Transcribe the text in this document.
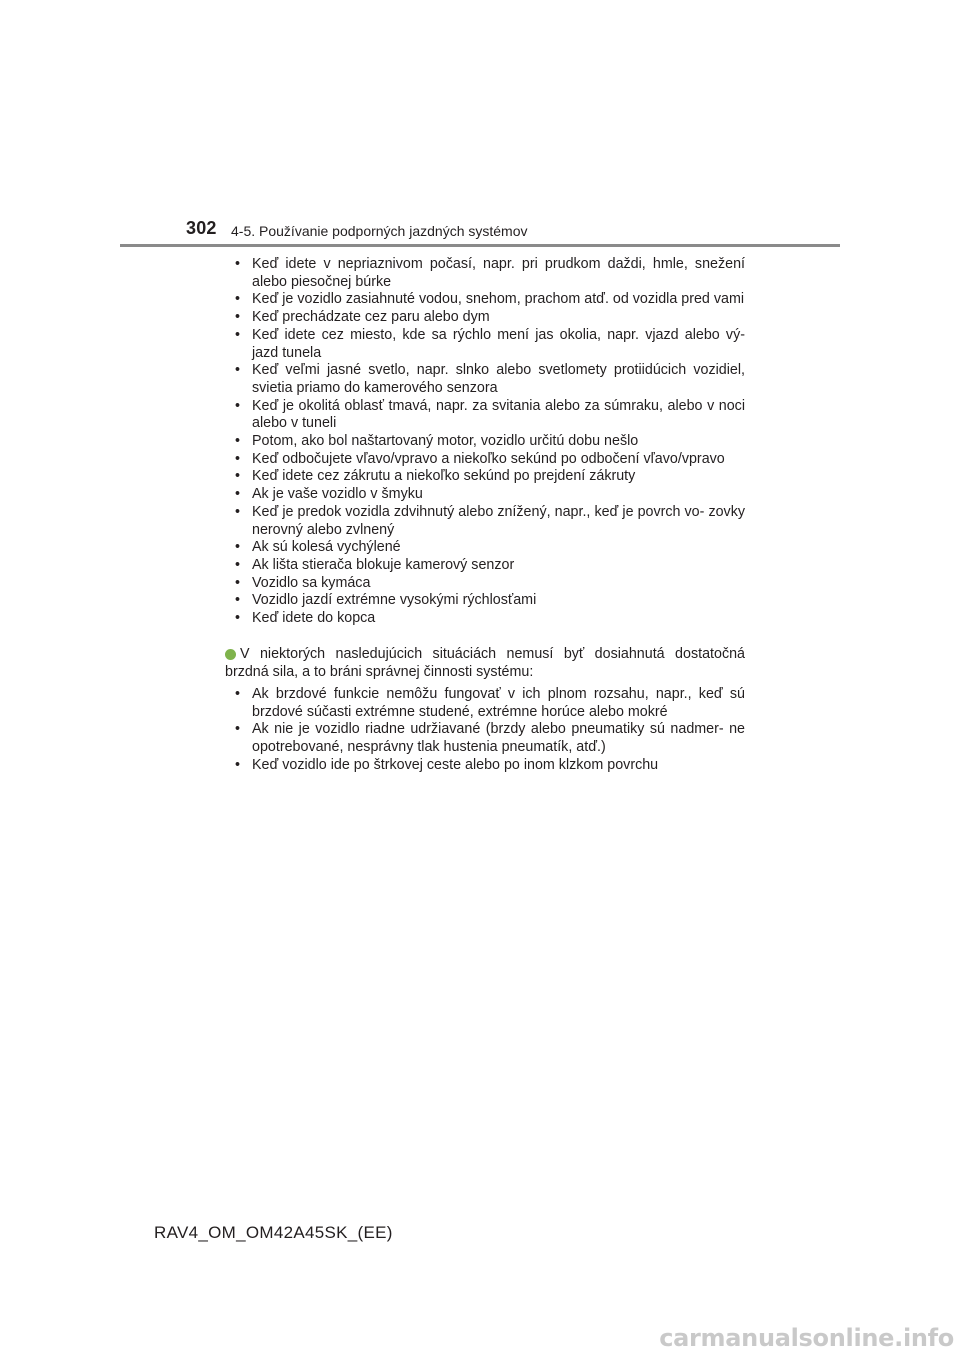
302 4-5. Používanie podporných jazdných systémov
• Keď idete v nepriaznivom počasí, napr. pri prudkom daždi, hmle, snežení alebo piesočnej búrke
• Keď je vozidlo zasiahnuté vodou, snehom, prachom atď. od vozidla pred vami
• Keď prechádzate cez paru alebo dym
• Keď idete cez miesto, kde sa rýchlo mení jas okolia, napr. vjazd alebo vý- jazd tunela
• Keď veľmi jasné svetlo, napr. slnko alebo svetlomety protiidúcich vozidiel, svietia priamo do kamerového senzora
• Keď je okolitá oblasť tmavá, napr. za svitania alebo za súmraku, alebo v noci alebo v tuneli
• Potom, ako bol naštartovaný motor, vozidlo určitú dobu nešlo
• Keď odbočujete vľavo/vpravo a niekoľko sekúnd po odbočení vľavo/vpravo
• Keď idete cez zákrutu a niekoľko sekúnd po prejdení zákruty
• Ak je vaše vozidlo v šmyku
• Keď je predok vozidla zdvihnutý alebo znížený, napr., keď je povrch vo- zovky nerovný alebo zvlnený
• Ak sú kolesá vychýlené
• Ak lišta stierača blokuje kamerový senzor
• Vozidlo sa kymáca
• Vozidlo jazdí extrémne vysokými rýchlosťami
• Keď idete do kopca

V niektorých nasledujúcich situáciách nemusí byť dosiahnutá dostatočná brzdná sila, a to bráni správnej činnosti systému:

• Ak brzdové funkcie nemôžu fungovať v ich plnom rozsahu, napr., keď sú brzdové súčasti extrémne studené, extrémne horúce alebo mokré
• Ak nie je vozidlo riadne udržiavané (brzdy alebo pneumatiky sú nadmer- ne opotrebované, nesprávny tlak hustenia pneumatík, atď.)
• Keď vozidlo ide po štrkovej ceste alebo po inom klzkom povrchu
RAV4_OM_OM42A45SK_(EE)
carmanualsonline.info
